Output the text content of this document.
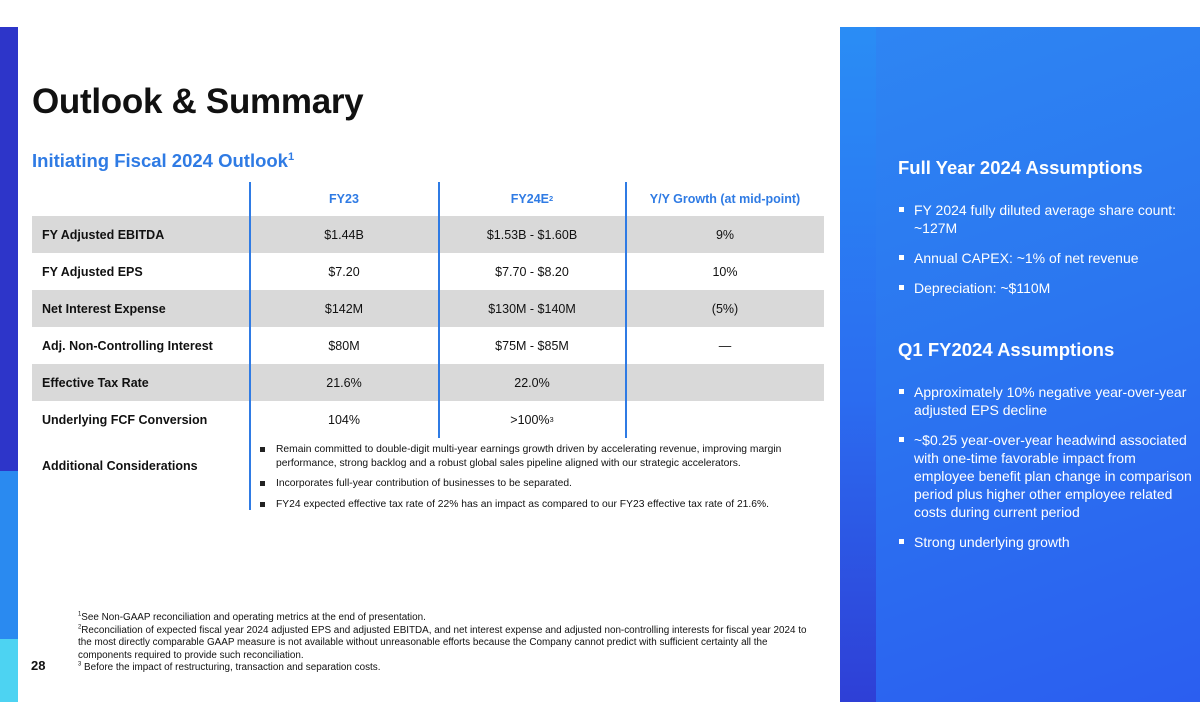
Outlook & Summary
Initiating Fiscal 2024 Outlook$^1$
FY23	FY24E 2	Y/Y Growth (at mid-point)
FY Adjusted EBITDA	$1.44B	$1.53B - $1.60B	9%
FY Adjusted EPS	$7.20	$7.70 - $8.20	10%
Net Interest Expense	$142M	$130M - $140M	(5%)
Adj. Non-Controlling Interest	$80M	$75M - $85M	—
Effective Tax Rate	21.6%	22.0%
Underlying FCF Conversion	104%	>100% 3
Additional Considerations
Remain committed to double-digit multi-year earnings growth driven by accelerating revenue, improving margin performance, strong backlog and a robust global sales pipeline aligned with our strategic accelerators.
Incorporates full-year contribution of businesses to be separated.
FY24 expected effective tax rate of 22% has an impact as compared to our FY23 effective tax rate of 21.6%.

$^1$See Non-GAAP reconciliation and operating metrics at the end of presentation.

$^2$Reconciliation of expected fiscal year 2024 adjusted EPS and adjusted EBITDA, and net interest expense and adjusted non-controlling interests for fiscal year 2024 to the most directly comparable GAAP measure is not available without unreasonable efforts because the Company cannot predict with sufficient certainty all the components required to provide such reconciliation.

$^3$ Before the impact of restructuring, transaction and separation costs.

28
Full Year 2024 Assumptions
FY 2024 fully diluted average share count: ~127M
Annual CAPEX: ~1% of net revenue
Depreciation: ~$110M
Q1 FY2024 Assumptions
Approximately 10% negative year-over-year adjusted EPS decline
~$0.25 year-over-year headwind associated with one-time favorable impact from employee benefit plan change in comparison period plus higher other employee related costs during current period
Strong underlying growth
